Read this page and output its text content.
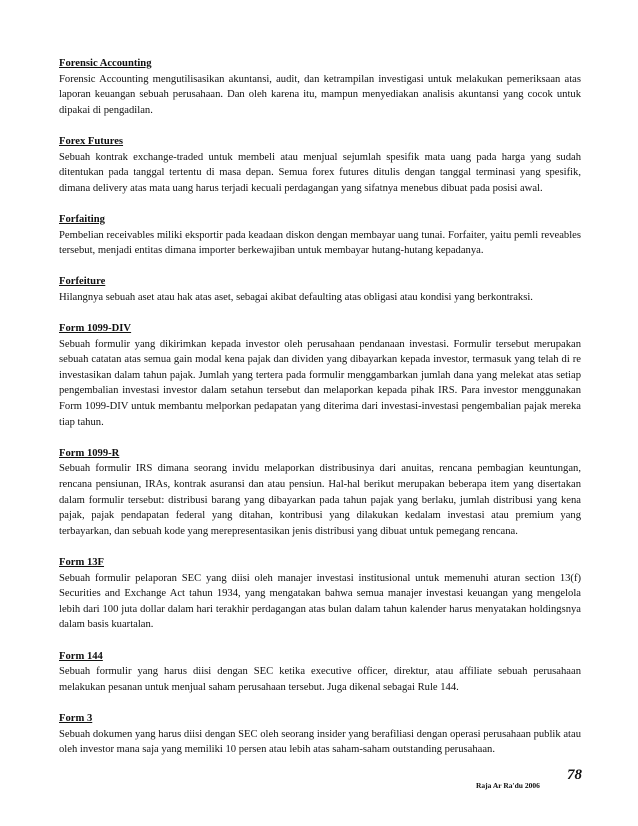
Forensic Accounting
Forensic Accounting mengutilisasikan akuntansi, audit, dan ketrampilan investigasi untuk melakukan pemeriksaan atas laporan keuangan sebuah perusahaan. Dan oleh karena itu, mampun menyediakan analisis akuntansi yang cocok untuk dipakai di pengadilan.
Forex Futures
Sebuah kontrak exchange-traded untuk membeli atau menjual sejumlah spesifik mata uang pada harga yang sudah ditentukan pada tanggal tertentu di masa depan. Semua forex futures ditulis dengan tanggal terminasi yang spesifik, dimana delivery atas mata uang harus terjadi kecuali perdagangan yang sifatnya menebus dibuat pada posisi awal.
Forfaiting
Pembelian receivables miliki eksportir pada keadaan diskon dengan membayar uang tunai. Forfaiter, yaitu pemli reveables tersebut, menjadi entitas dimana importer berkewajiban untuk membayar hutang-hutang kepadanya.
Forfeiture
Hilangnya sebuah aset atau hak atas aset, sebagai akibat defaulting atas obligasi atau kondisi yang berkontraksi.
Form 1099-DIV
Sebuah formulir yang dikirimkan kepada investor oleh perusahaan pendanaan investasi. Formulir tersebut merupakan sebuah catatan atas semua gain modal kena pajak dan dividen yang dibayarkan kepada investor, termasuk yang telah di re investasikan dalam tahun pajak. Jumlah yang tertera pada formulir menggambarkan jumlah dana yang melekat atas setiap pengembalian investasi investor dalam setahun tersebut dan melaporkan kepada pihak IRS. Para investor menggunakan Form 1099-DIV untuk membantu melporkan pedapatan yang diterima dari investasi-investasi pengembalian pajak mereka tiap tahun.
Form 1099-R
Sebuah formulir IRS dimana seorang invidu melaporkan distribusinya dari anuitas, rencana pembagian keuntungan, rencana pensiunan, IRAs, kontrak asuransi dan atau pensiun. Hal-hal berikut merupakan beberapa item yang disertakan dalam formulir tersebut: distribusi barang yang dibayarkan pada tahun pajak yang berlaku, jumlah distribusi yang kena pajak, pajak pendapatan federal yang ditahan, kontribusi yang dilakukan kedalam investasi atau premium yang terbayarkan, dan sebuah kode yang merepresentasikan jenis distribusi yang dibuat untuk pemegang rencana.
Form 13F
Sebuah formulir pelaporan SEC yang diisi oleh manajer investasi institusional untuk memenuhi aturan section 13(f) Securities and Exchange Act tahun 1934, yang mengatakan bahwa semua manajer investasi keuangan yang mengelola lebih dari 100 juta dollar dalam hari terakhir perdagangan atas bulan dalam tahun kalender harus menyatakan holdingsnya dalam basis kuartalan.
Form 144
Sebuah formulir yang harus diisi dengan SEC ketika executive officer, direktur, atau affiliate sebuah perusahaan melakukan pesanan untuk menjual saham perusahaan tersebut. Juga dikenal sebagai Rule 144.
Form 3
Sebuah dokumen yang harus diisi dengan SEC oleh seorang insider yang berafiliasi dengan operasi perusahaan publik atau oleh investor mana saja yang memiliki 10 persen atau lebih atas saham-saham outstanding perusahaan.
78
Raja Ar Ra'du 2006
